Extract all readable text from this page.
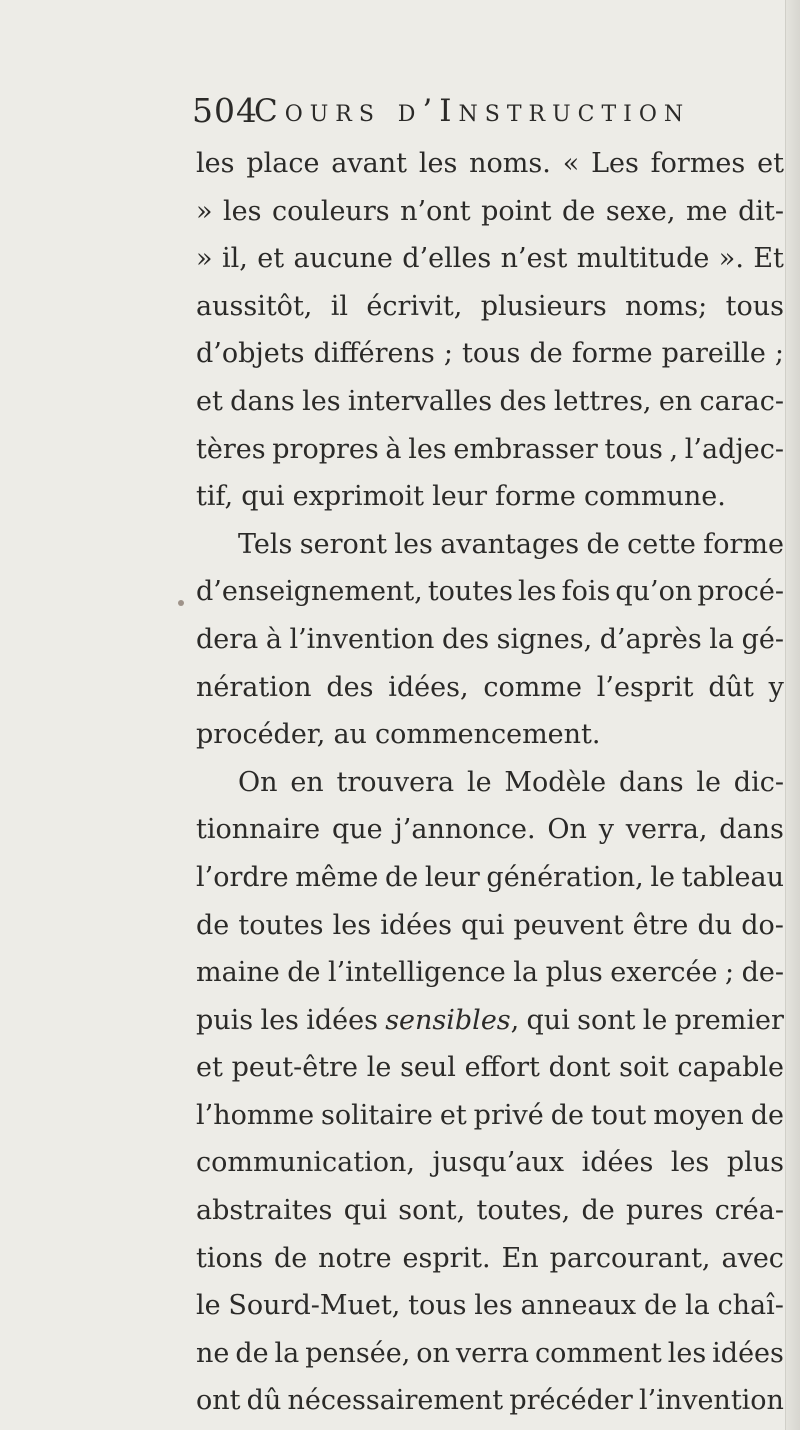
504
Cours d’Instruction
les place avant les noms. « Les formes et
» les couleurs n’ont point de sexe, me dit-
» il, et aucune d’elles n’est multitude ». Et
aussitôt, il écrivit, plusieurs noms; tous
d’objets différens ; tous de forme pareille ;
et dans les intervalles des lettres, en carac-
tères propres à les embrasser tous , l’adjec-
tif, qui exprimoit leur forme commune.
Tels seront les avantages de cette forme
d’enseignement, toutes les fois qu’on procé-
dera à l’invention des signes, d’après la gé-
nération des idées, comme l’esprit dût y
procéder, au commencement.
On en trouvera le Modèle dans le dic-
tionnaire que j’annonce. On y verra, dans
l’ordre même de leur génération, le tableau
de toutes les idées qui peuvent être du do-
maine de l’intelligence la plus exercée ; de-
puis les idées sensibles, qui sont le premier
et peut-être le seul effort dont soit capable
l’homme solitaire et privé de tout moyen de
communication, jusqu’aux idées les plus
abstraites qui sont, toutes, de pures créa-
tions de notre esprit. En parcourant, avec
le Sourd-Muet, tous les anneaux de la chaî-
ne de la pensée, on verra comment les idées
ont dû nécessairement précéder l’invention
